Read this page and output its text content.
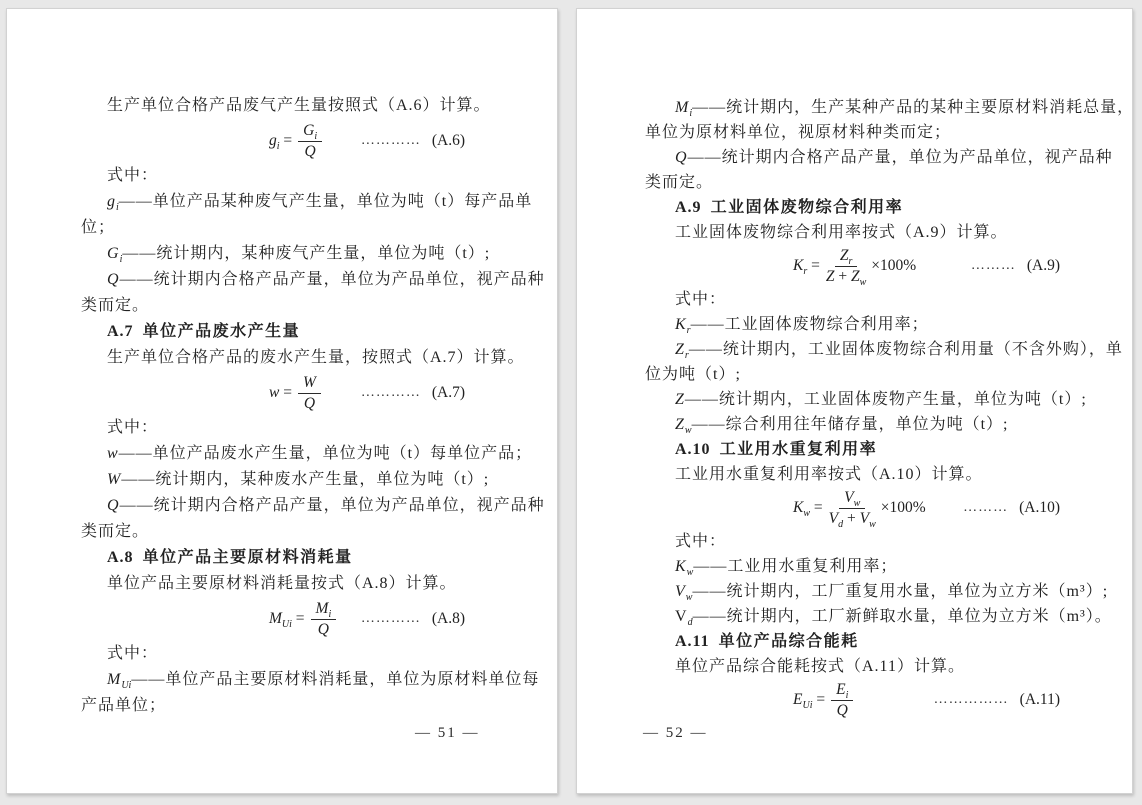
生产单位合格产品废气产生量按照式（A.6）计算。
$g_i = \frac{G_i}{Q}$	………… (A.6)
式中：
$g_i——$单位产品某种废气产生量，单位为吨（t）每产品单
位；
$G_i——$统计期内，某种废气产生量，单位为吨（t）;
Q——统计期内合格产品产量，单位为产品单位，视产品种
类而定。
A.7 单位产品废水产生量
生产单位合格产品的废水产生量，按照式（A.7）计算。
$w = \frac{W}{Q}$	………… (A.7)
式中：
w——单位产品废水产生量，单位为吨（t）每单位产品；
W——统计期内，某种废水产生量，单位为吨（t）;
Q——统计期内合格产品产量，单位为产品单位，视产品种
类而定。
A.8 单位产品主要原材料消耗量
单位产品主要原材料消耗量按式（A.8）计算。
$M_{Ui} = \frac{M_i}{Q}$ ………… (A.8)
式中：
$M_{Ui}——$单位产品主要原材料消耗量，单位为原材料单位每
产品单位；
— 51 —
$M_i——$统计期内，生产某种产品的某种主要原材料消耗总量，
单位为原材料单位，视原材料种类而定；
Q——统计期内合格产品产量，单位为产品单位，视产品种
类而定。
A.9 工业固体废物综合利用率
工业固体废物综合利用率按式（A.9）计算。
$K_r = \frac{Z_r}{Z + Z_w} \times 100\%$	……… (A.9)
式中：
$K_r——$工业固体废物综合利用率；
$Z_r——$统计期内，工业固体废物综合利用量（不含外购），单
位为吨（t）;
Z——统计期内，工业固体废物产生量，单位为吨（t）;
$Z_w——$综合利用往年储存量，单位为吨（t）;
A.10 工业用水重复利用率
工业用水重复利用率按式（A.10）计算。
$K_w = \frac{V_w}{V_d + V_w} \times 100\%$	……… (A.10)
式中：
$K_w——$工业用水重复利用率；
$V_w——$统计期内，工厂重复用水量，单位为立方米（m³）;
$V_d——$统计期内，工厂新鲜取水量，单位为立方米（m³）。
A.11 单位产品综合能耗
单位产品综合能耗按式（A.11）计算。
$E_{Ui} = \frac{E_i}{Q}$	…………… (A.11)
— 52 —
